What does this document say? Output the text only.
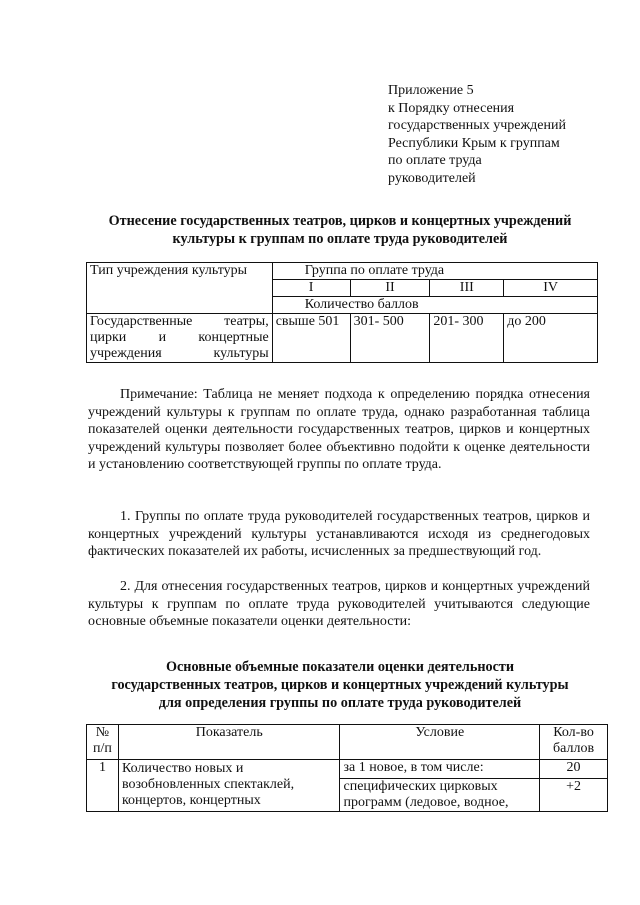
Приложение 5
к Порядку отнесения
государственных учреждений
Республики Крым к группам
по оплате труда
руководителей
Отнесение государственных театров, цирков и концертных учреждений
культуры к группам по оплате труда руководителей
Тип учреждения культуры	Группа по оплате труда			
	I	II	III	IV
	Количество баллов			
Государственные театры, цирки и концертные учреждения культуры	свыше 501	301- 500	201- 300	до 200
Примечание: Таблица не меняет подхода к определению порядка отнесения учреждений культуры к группам по оплате труда, однако разработанная таблица показателей оценки деятельности государственных театров, цирков и концертных учреждений культуры позволяет более объективно подойти к оценке деятельности и установлению соответствующей группы по оплате труда.
1. Группы по оплате труда руководителей государственных театров, цирков и концертных учреждений культуры устанавливаются исходя из среднегодовых фактических показателей их работы, исчисленных за предшествующий год.
2. Для отнесения государственных театров, цирков и концертных учреждений культуры к группам по оплате труда руководителей учитываются следующие основные объемные показатели оценки деятельности:
Основные объемные показатели оценки деятельности
государственных театров, цирков и концертных учреждений культуры
для определения группы по оплате труда руководителей
№ п/п	Показатель	Условие	Кол-во баллов
1	Количество новых и возобновленных спектаклей, концертов, концертных	за 1 новое, в том числе:	20
		специфических цирковых программ (ледовое, водное,	+2
